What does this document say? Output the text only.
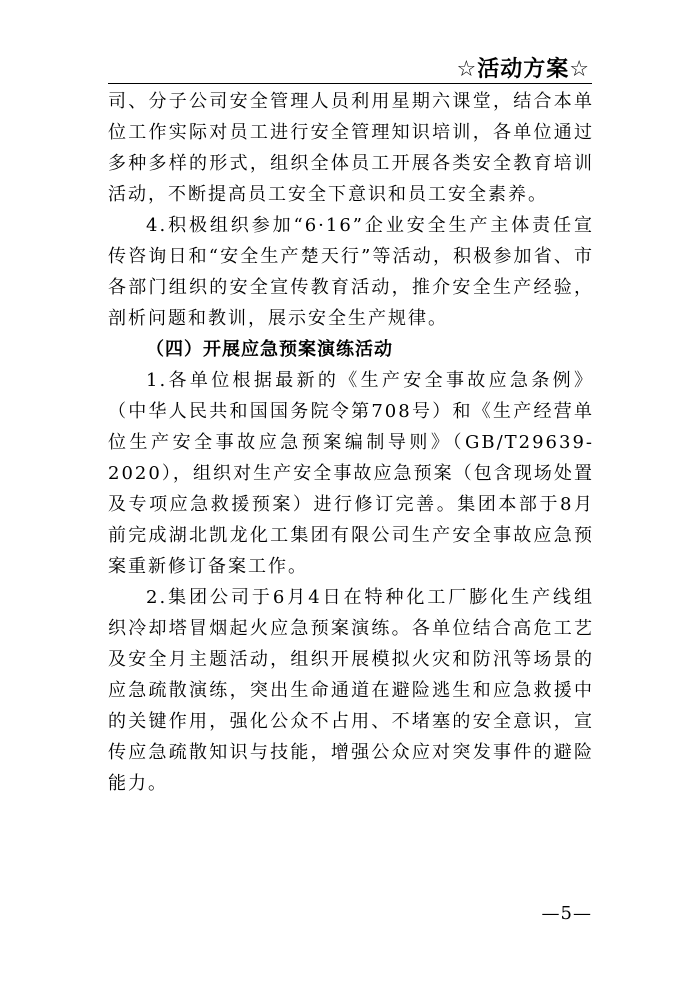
☆活动方案☆

司、分子公司安全管理人员利用星期六课堂，结合本单位工作实际对员工进行安全管理知识培训，各单位通过多种多样的形式，组织全体员工开展各类安全教育培训活动，不断提高员工安全下意识和员工安全素养。

4.积极组织参加“6·16”企业安全生产主体责任宣传咨询日和“安全生产楚天行”等活动，积极参加省、市各部门组织的安全宣传教育活动，推介安全生产经验，剖析问题和教训，展示安全生产规律。

（四）开展应急预案演练活动

1.各单位根据最新的《生产安全事故应急条例》（中华人民共和国国务院令第708号）和《生产经营单位生产安全事故应急预案编制导则》（GB/T29639-2020），组织对生产安全事故应急预案（包含现场处置及专项应急救援预案）进行修订完善。集团本部于8月前完成湖北凯龙化工集团有限公司生产安全事故应急预案重新修订备案工作。

2.集团公司于6月4日在特种化工厂膨化生产线组织冷却塔冒烟起火应急预案演练。各单位结合高危工艺及安全月主题活动，组织开展模拟火灾和防汛等场景的应急疏散演练，突出生命通道在避险逃生和应急救援中的关键作用，强化公众不占用、不堵塞的安全意识，宣传应急疏散知识与技能，增强公众应对突发事件的避险能力。

—5—
